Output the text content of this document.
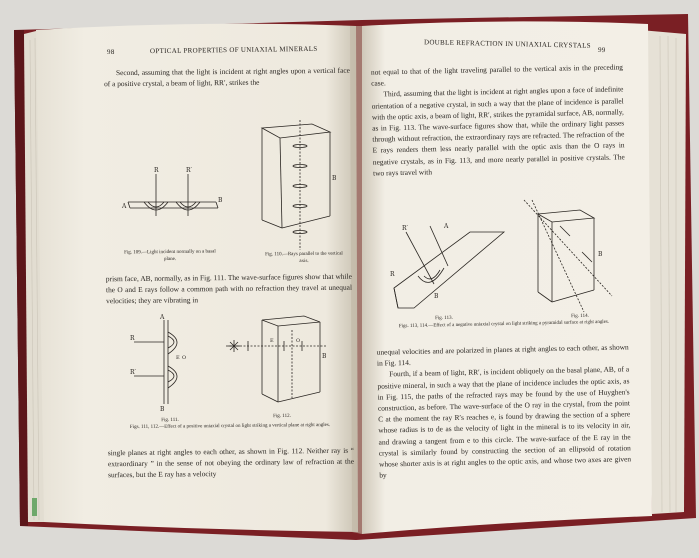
98	OPTICAL PROPERTIES OF UNIAXIAL MINERALS

Second, assuming that the light is incident at right angles upon a vertical face of a positive crystal, a beam of light, RR′, strikes the

R	R′
A
B
Fig. 109.—Light incident normally on a basal plane.
B
Fig. 110.—Rays parallel to the vertical axis.

prism face, AB, normally, as in Fig. 111. The wave-surface figures show that while the O and E rays follow a common path with no refraction they travel at unequal velocities; they are vibrating in

A
R
R′
E O
B
E	O
B
Fig. 111.
Fig. 112.
Figs. 111, 112.—Effect of a positive uniaxial crystal on light striking a vertical plane at right angles.

single planes at right angles to each other, as shown in Fig. 112. Neither ray is “ extraordinary ” in the sense of not obeying the ordinary law of refraction at the surfaces, but the E ray has a velocity

DOUBLE REFRACTION IN UNIAXIAL CRYSTALS
99

not equal to that of the light traveling parallel to the vertical axis in the preceding case.

Third, assuming that the light is incident at right angles upon a face of indefinite orientation of a negative crystal, in such a way that the plane of incidence is parallel with the optic axis, a beam of light, RR′, strikes the pyramidal surface, AB, normally, as in Fig. 113. The wave-surface figures show that, while the ordinary light passes through without refraction, the extraordinary rays are refracted. The refraction of the E rays renders them less nearly parallel with the optic axis than the O rays in negative crystals, as in Fig. 113, and more nearly parallel in positive crystals. The two rays travel with

R′	A
R
B
B
Fig. 113.	Fig. 114.
Figs. 113, 114.—Effect of a negative uniaxial crystal on light striking a pyramidal surface at right angles.

unequal velocities and are polarized in planes at right angles to each other, as shown in Fig. 114.

Fourth, if a beam of light, RR′, is incident obliquely on the basal plane, AB, of a positive mineral, in such a way that the plane of incidence includes the optic axis, as in Fig. 115, the paths of the refracted rays may be found by the use of Huyghen's construction, as before. The wave-surface of the O ray in the crystal, from the point C at the moment the ray R′s reaches e, is found by drawing the section of a sphere whose radius is to de as the velocity of light in the mineral is to its velocity in air, and drawing a tangent from e to this circle. The wave-surface of the E ray in the crystal is similarly found by constructing the section of an ellipsoid of rotation whose shorter axis is at right angles to the optic axis, and whose two axes are given by
